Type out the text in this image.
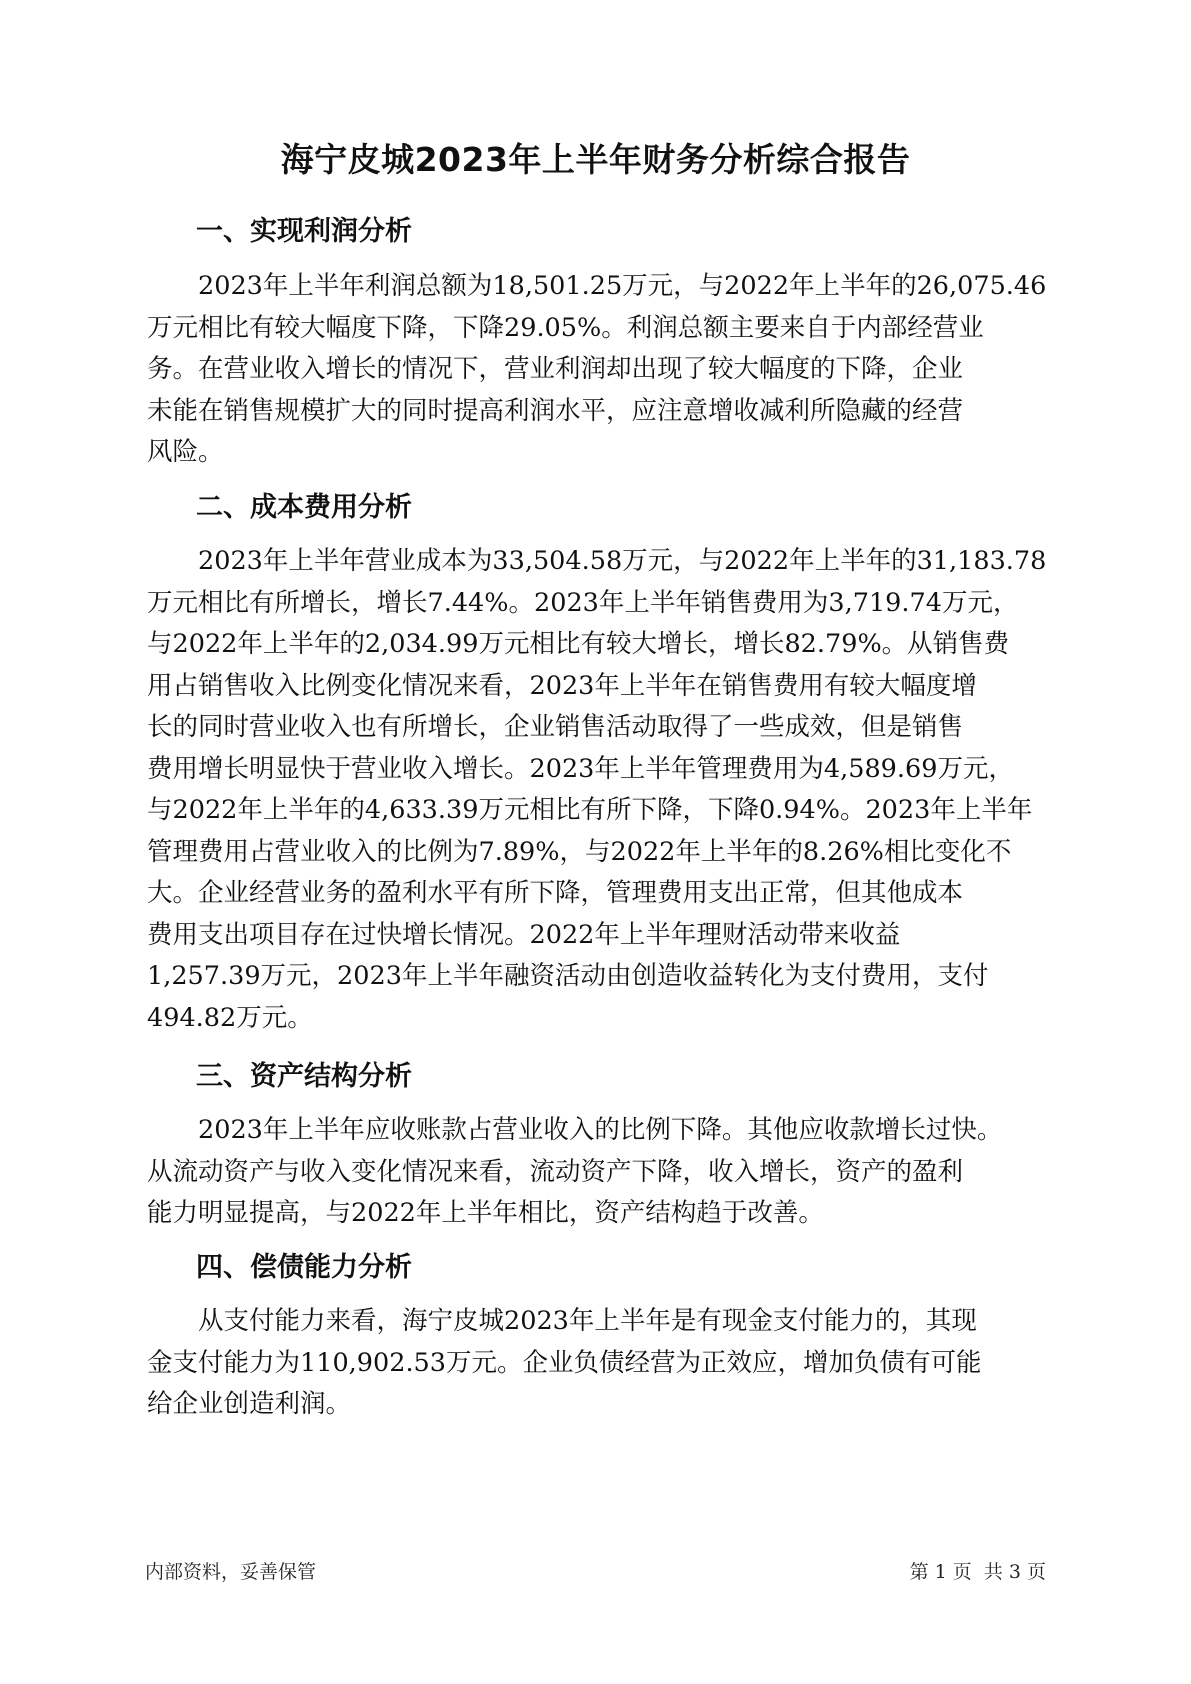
海宁皮城2023年上半年财务分析综合报告
一、实现利润分析
　　2023年上半年利润总额为18,501.25万元，与2022年上半年的26,075.46
万元相比有较大幅度下降，下降29.05%。利润总额主要来自于内部经营业
务。在营业收入增长的情况下，营业利润却出现了较大幅度的下降，企业
未能在销售规模扩大的同时提高利润水平，应注意增收减利所隐藏的经营
风险。
二、成本费用分析
　　2023年上半年营业成本为33,504.58万元，与2022年上半年的31,183.78
万元相比有所增长，增长7.44%。2023年上半年销售费用为3,719.74万元，
与2022年上半年的2,034.99万元相比有较大增长，增长82.79%。从销售费
用占销售收入比例变化情况来看，2023年上半年在销售费用有较大幅度增
长的同时营业收入也有所增长，企业销售活动取得了一些成效，但是销售
费用增长明显快于营业收入增长。2023年上半年管理费用为4,589.69万元，
与2022年上半年的4,633.39万元相比有所下降，下降0.94%。2023年上半年
管理费用占营业收入的比例为7.89%，与2022年上半年的8.26%相比变化不
大。企业经营业务的盈利水平有所下降，管理费用支出正常，但其他成本
费用支出项目存在过快增长情况。2022年上半年理财活动带来收益
1,257.39万元，2023年上半年融资活动由创造收益转化为支付费用，支付
494.82万元。
三、资产结构分析
　　2023年上半年应收账款占营业收入的比例下降。其他应收款增长过快。
从流动资产与收入变化情况来看，流动资产下降，收入增长，资产的盈利
能力明显提高，与2022年上半年相比，资产结构趋于改善。
四、偿债能力分析
　　从支付能力来看，海宁皮城2023年上半年是有现金支付能力的，其现
金支付能力为110,902.53万元。企业负债经营为正效应，增加负债有可能
给企业创造利润。
内部资料，妥善保管	第 1 页 共 3 页
